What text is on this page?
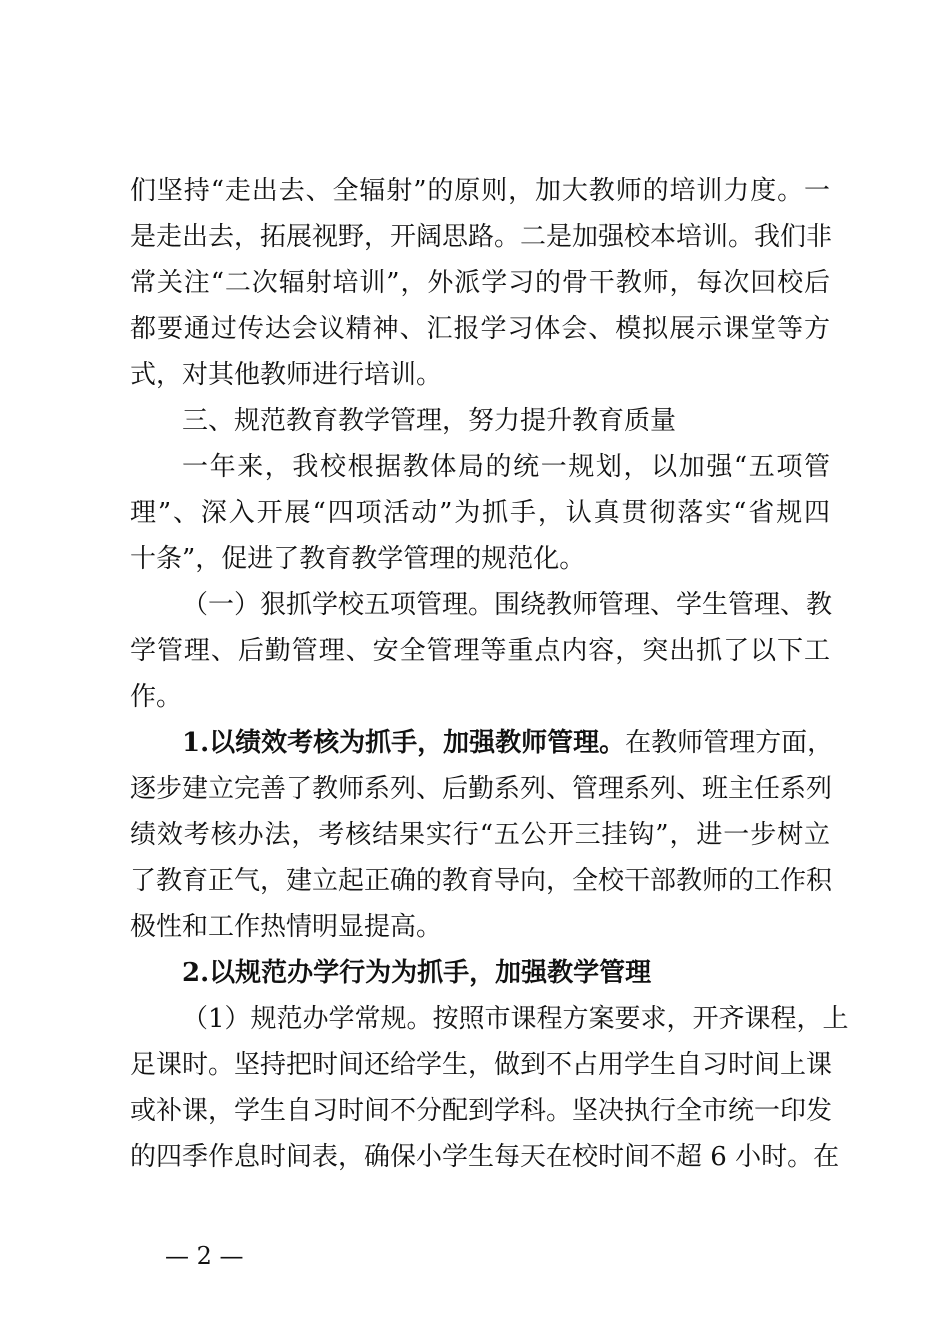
们坚持“走出去、全辐射”的原则，加大教师的培训力度。一
是走出去，拓展视野，开阔思路。二是加强校本培训。我们非
常关注“二次辐射培训”，外派学习的骨干教师，每次回校后
都要通过传达会议精神、汇报学习体会、模拟展示课堂等方
式，对其他教师进行培训。
三、规范教育教学管理，努力提升教育质量
一年来，我校根据教体局的统一规划，以加强“五项管
理”、深入开展“四项活动”为抓手，认真贯彻落实“省规四
十条”，促进了教育教学管理的规范化。
（一）狠抓学校五项管理。围绕教师管理、学生管理、教
学管理、后勤管理、安全管理等重点内容，突出抓了以下工
作。
1.以绩效考核为抓手，加强教师管理。在教师管理方面，
逐步建立完善了教师系列、后勤系列、管理系列、班主任系列
绩效考核办法，考核结果实行“五公开三挂钩”，进一步树立
了教育正气，建立起正确的教育导向，全校干部教师的工作积
极性和工作热情明显提高。
2.以规范办学行为为抓手，加强教学管理
（1）规范办学常规。按照市课程方案要求，开齐课程，上
足课时。坚持把时间还给学生，做到不占用学生自习时间上课
或补课，学生自习时间不分配到学科。坚决执行全市统一印发
的四季作息时间表，确保小学生每天在校时间不超 6 小时。在
— 2 —
